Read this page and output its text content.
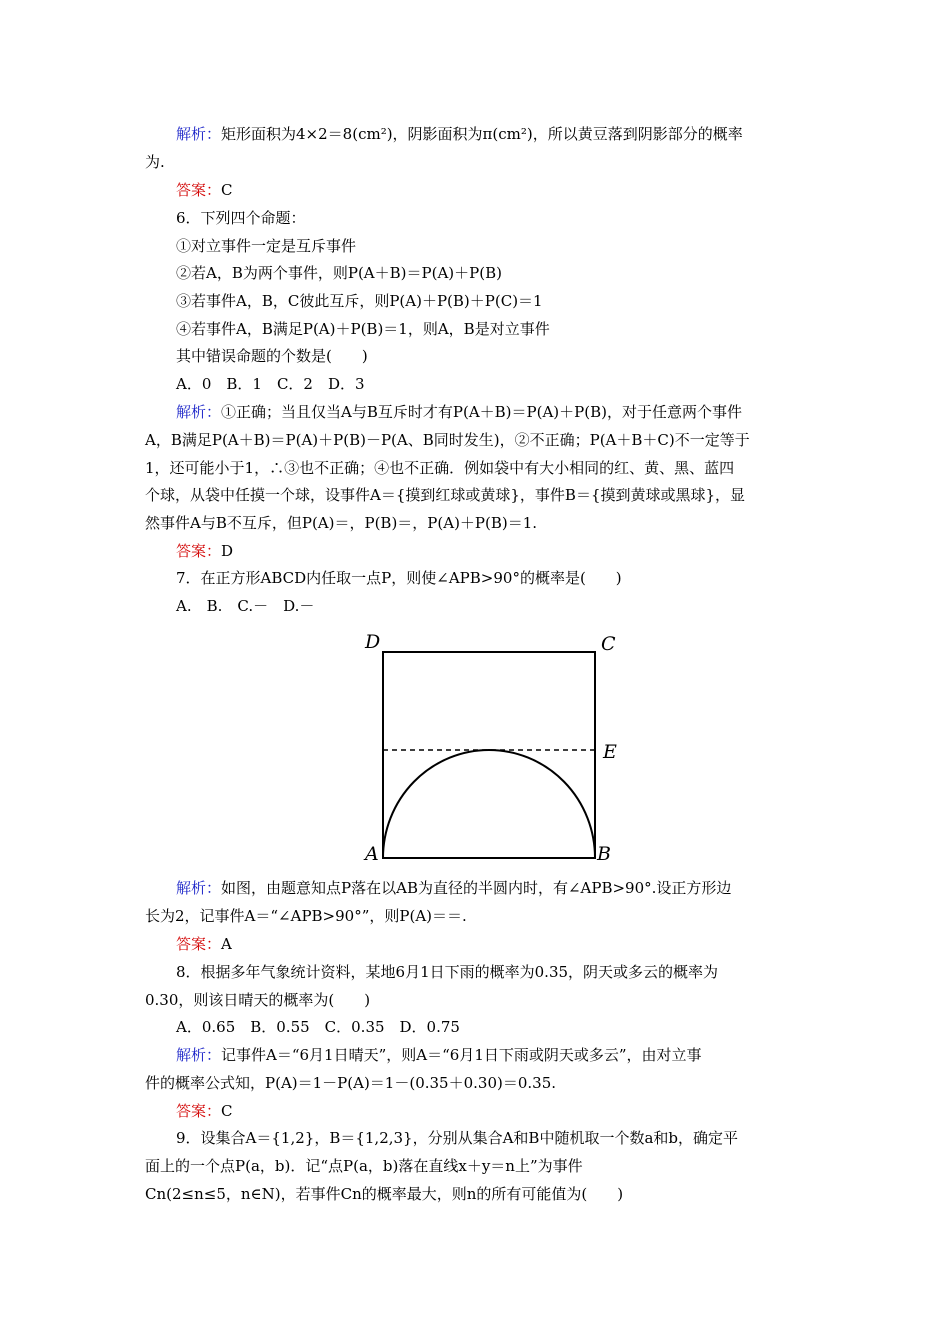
解析：矩形面积为4×2＝8(cm²)，阴影面积为π(cm²)，所以黄豆落到阴影部分的概率
为.
答案：C
6．下列四个命题：
①对立事件一定是互斥事件
②若A，B为两个事件，则P(A＋B)＝P(A)＋P(B)
③若事件A，B，C彼此互斥，则P(A)＋P(B)＋P(C)＝1
④若事件A，B满足P(A)＋P(B)＝1，则A，B是对立事件
其中错误命题的个数是(　　)
A．0　B．1　C．2　D．3
解析：①正确；当且仅当A与B互斥时才有P(A＋B)＝P(A)＋P(B)，对于任意两个事件
A，B满足P(A＋B)＝P(A)＋P(B)－P(A、B同时发生)，②不正确；P(A＋B＋C)不一定等于
1，还可能小于1，∴③也不正确；④也不正确．例如袋中有大小相同的红、黄、黑、蓝四
个球，从袋中任摸一个球，设事件A＝{摸到红球或黄球}，事件B＝{摸到黄球或黑球}，显
然事件A与B不互斥，但P(A)＝，P(B)＝，P(A)＋P(B)＝1.
答案：D
7．在正方形ABCD内任取一点P，则使∠APB>90°的概率是(　　)
A.　B.　C.－　D.－
D	C
E
A	B
解析：如图，由题意知点P落在以AB为直径的半圆内时，有∠APB>90°.设正方形边
长为2，记事件A＝“∠APB>90°”，则P(A)＝＝.
答案：A
8．根据多年气象统计资料，某地6月1日下雨的概率为0.35，阴天或多云的概率为
0.30，则该日晴天的概率为(　　)
A．0.65　B．0.55　C．0.35　D．0.75
解析：记事件A＝“6月1日晴天”，则A＝“6月1日下雨或阴天或多云”，由对立事
件的概率公式知，P(A)＝1－P(A)＝1－(0.35＋0.30)＝0.35.
答案：C
9．设集合A＝{1,2}，B＝{1,2,3}，分别从集合A和B中随机取一个数a和b，确定平
面上的一个点P(a，b)．记“点P(a，b)落在直线x＋y＝n上”为事件
Cn(2≤n≤5，n∈N)，若事件Cn的概率最大，则n的所有可能值为(　　)
